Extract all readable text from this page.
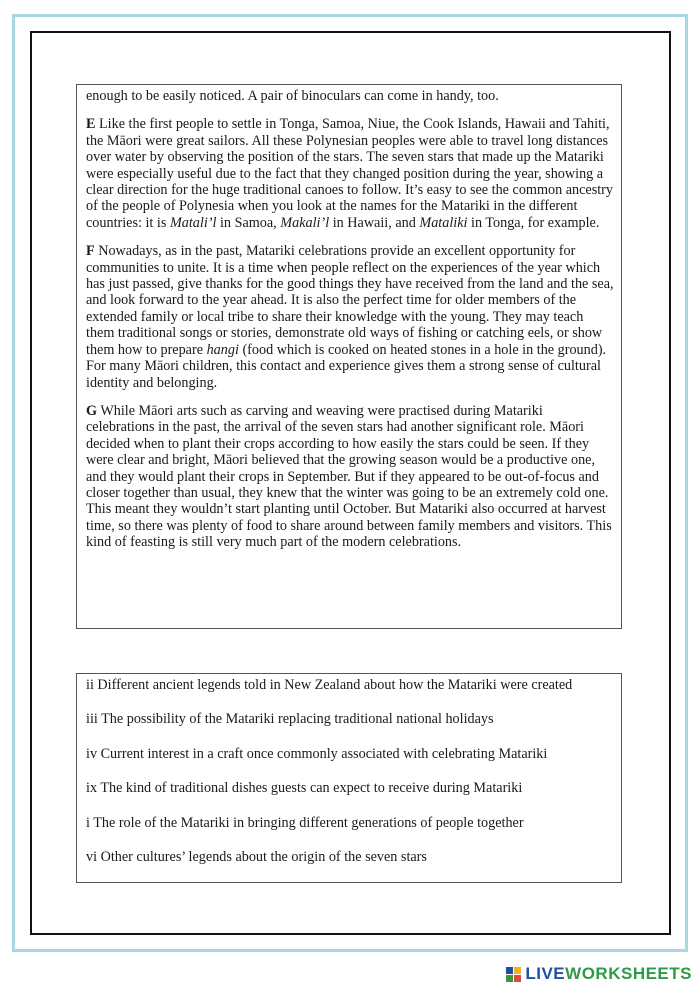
enough to be easily noticed. A pair of binoculars can come in handy, too.

E Like the first people to settle in Tonga, Samoa, Niue, the Cook Islands, Hawaii and Tahiti, the Māori were great sailors. All these Polynesian peoples were able to travel long distances over water by observing the position of the stars. The seven stars that made up the Matariki were especially useful due to the fact that they changed position during the year, showing a clear direction for the huge traditional canoes to follow. It’s easy to see the common ancestry of the people of Polynesia when you look at the names for the Matariki in the different countries: it is Matali’l in Samoa, Makali’l in Hawaii, and Mataliki in Tonga, for example.

F Nowadays, as in the past, Matariki celebrations provide an excellent opportunity for communities to unite. It is a time when people reflect on the experiences of the year which has just passed, give thanks for the good things they have received from the land and the sea, and look forward to the year ahead. It is also the perfect time for older members of the extended family or local tribe to share their knowledge with the young. They may teach them traditional songs or stories, demonstrate old ways of fishing or catching eels, or show them how to prepare hangi (food which is cooked on heated stones in a hole in the ground). For many Māori children, this contact and experience gives them a strong sense of cultural identity and belonging.

G While Māori arts such as carving and weaving were practised during Matariki celebrations in the past, the arrival of the seven stars had another significant role. Māori decided when to plant their crops according to how easily the stars could be seen. If they were clear and bright, Māori believed that the growing season would be a productive one, and they would plant their crops in September. But if they appeared to be out-of-focus and closer together than usual, they knew that the winter was going to be an extremely cold one. This meant they wouldn’t start planting until October. But Matariki also occurred at harvest time, so there was plenty of food to share around between family members and visitors. This kind of feasting is still very much part of the modern celebrations.

ii Different ancient legends told in New Zealand about how the Matariki were created
iii The possibility of the Matariki replacing traditional national holidays
iv Current interest in a craft once commonly associated with celebrating Matariki
ix The kind of traditional dishes guests can expect to receive during Matariki
i The role of the Matariki in bringing different generations of people together
vi Other cultures’ legends about the origin of the seven stars
LIVE WORKSHEETS
